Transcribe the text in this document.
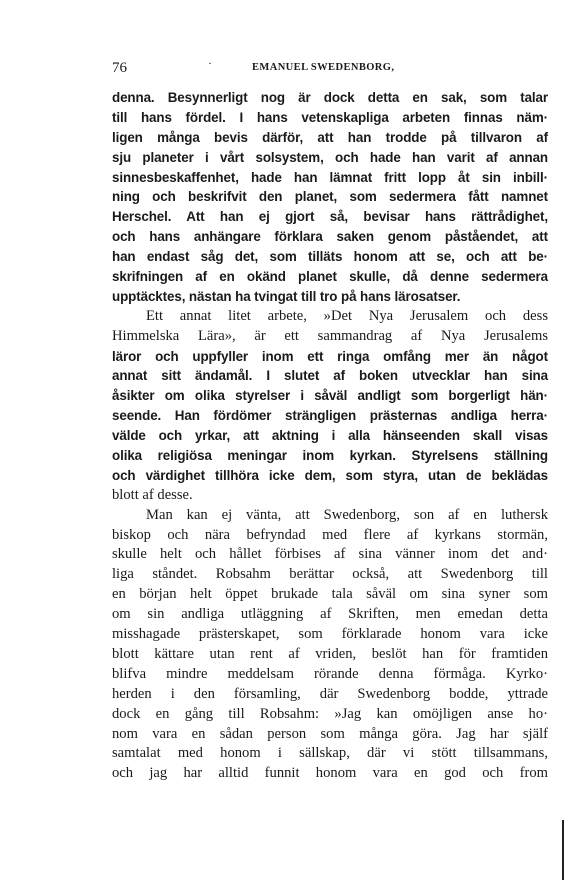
76	·	EMANUEL SWEDENBORG,
denna. Besynnerligt nog är dock detta en sak, som talar
till hans fördel. I hans vetenskapliga arbeten finnas näm·
ligen många bevis därför, att han trodde på tillvaron af
sju planeter i vårt solsystem, och hade han varit af annan
sinnesbeskaffenhet, hade han lämnat fritt lopp åt sin inbill·
ning och beskrifvit den planet, som sedermera fått namnet
Herschel. Att han ej gjort så, bevisar hans rättrådighet,
och hans anhängare förklara saken genom påståendet, att
han endast såg det, som tilläts honom att se, och att be·
skrifningen af en okänd planet skulle, då denne sedermera
upptäcktes, nästan ha tvingat till tro på hans lärosatser.
Ett annat litet arbete, »Det Nya Jerusalem och dess
Himmelska Lära», är ett sammandrag af Nya Jerusalems
läror och uppfyller inom ett ringa omfång mer än något
annat sitt ändamål. I slutet af boken utvecklar han sina
åsikter om olika styrelser i såväl andligt som borgerligt hän·
seende. Han fördömer strängligen prästernas andliga herra·
välde och yrkar, att aktning i alla hänseenden skall visas
olika religiösa meningar inom kyrkan. Styrelsens ställning
och värdighet tillhöra icke dem, som styra, utan de beklädas
blott af desse.
Man kan ej vänta, att Swedenborg, son af en luthersk
biskop och nära befryndad med flere af kyrkans stormän,
skulle helt och hållet förbises af sina vänner inom det and·
liga ståndet. Robsahm berättar också, att Swedenborg till
en början helt öppet brukade tala såväl om sina syner som
om sin andliga utläggning af Skriften, men emedan detta
misshagade prästerskapet, som förklarade honom vara icke
blott kättare utan rent af vriden, beslöt han för framtiden
blifva mindre meddelsam rörande denna förmåga. Kyrko·
herden i den församling, där Swedenborg bodde, yttrade
dock en gång till Robsahm: »Jag kan omöjligen anse ho·
nom vara en sådan person som många göra. Jag har själf
samtalat med honom i sällskap, där vi stött tillsammans,
och jag har alltid funnit honom vara en god och from
